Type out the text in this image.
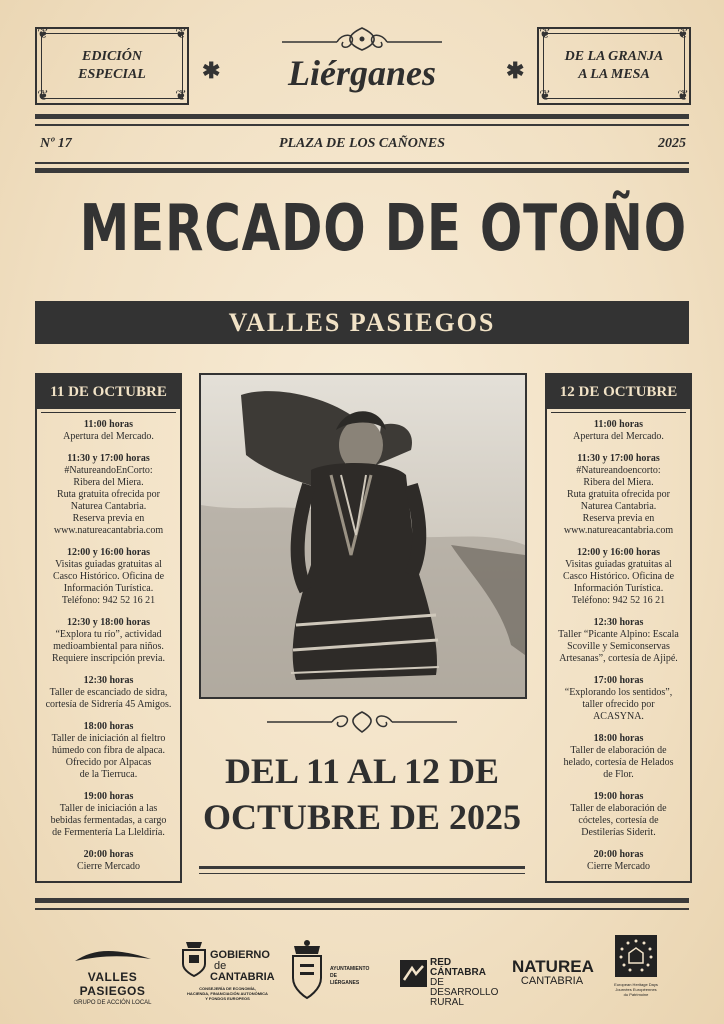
❦	❦
❦	❦
EDICIÓN
ESPECIAL	✱	✱
Liérganes
❦	❦
❦	❦
DE LA GRANJA
A LA MESA
Nº 17	PLAZA DE LOS CAÑONES	2025
MERCADO DE OTOÑO
VALLES PASIEGOS
11 DE OCTUBRE
11:00 horas
Apertura del Mercado.
11:30 y 17:00 horas
#NatureandoEnCorto:
Ribera del Miera.
Ruta gratuita ofrecida por
Naturea Cantabria.
Reserva previa en
www.natureacantabria.com
12:00 y 16:00 horas
Visitas guiadas gratuitas al
Casco Histórico. Oficina de
Información Turística.
Teléfono: 942 52 16 21
12:30 y 18:00 horas
“Explora tu río”, actividad
medioambiental para niños.
Requiere inscripción previa.
12:30 horas
Taller de escanciado de sidra,
cortesía de Sidrería 45 Amigos.
18:00 horas
Taller de iniciación al fieltro
húmedo con fibra de alpaca.
Ofrecido por Alpacas
de la Tierruca.
19:00 horas
Taller de iniciación a las
bebidas fermentadas, a cargo
de Fermentería La Lleldiría.
20:00 horas
Cierre Mercado
DEL 11 AL 12 DE
OCTUBRE DE 2025
12 DE OCTUBRE
11:00 horas
Apertura del Mercado.
11:30 y 17:00 horas
#Natureandoencorto:
Ribera del Miera.
Ruta gratuita ofrecida por
Naturea Cantabria.
Reserva previa en
www.natureacantabria.com
12:00 y 16:00 horas
Visitas guiadas gratuitas al
Casco Histórico. Oficina de
Información Turística.
Teléfono: 942 52 16 21
12:30 horas
Taller “Picante Alpino: Escala
Scoville y Semiconservas
Artesanas”, cortesía de Ajipé.
17:00 horas
“Explorando los sentidos”,
taller ofrecido por
ACASYNA.
18:00 horas
Taller de elaboración de
helado, cortesía de Helados
de Flor.
19:00 horas
Taller de elaboración de
cócteles, cortesía de
Destilerías Siderit.
20:00 horas
Cierre Mercado
VALLES PASIEGOS
GRUPO DE ACCIÓN LOCAL
GOBIERNO
de
CANTABRIA
CONSEJERÍA DE ECONOMÍA,
HACIENDA, FINANCIACIÓN AUTONÓMICA
Y FONDOS EUROPEOS
AYUNTAMIENTO
DE
LIÉRGANES
RED CÁNTABRA
DE DESARROLLO
RURAL
NATUREA
CANTABRIA	European Heritage Days
Journées Européennes
du Patrimoine
